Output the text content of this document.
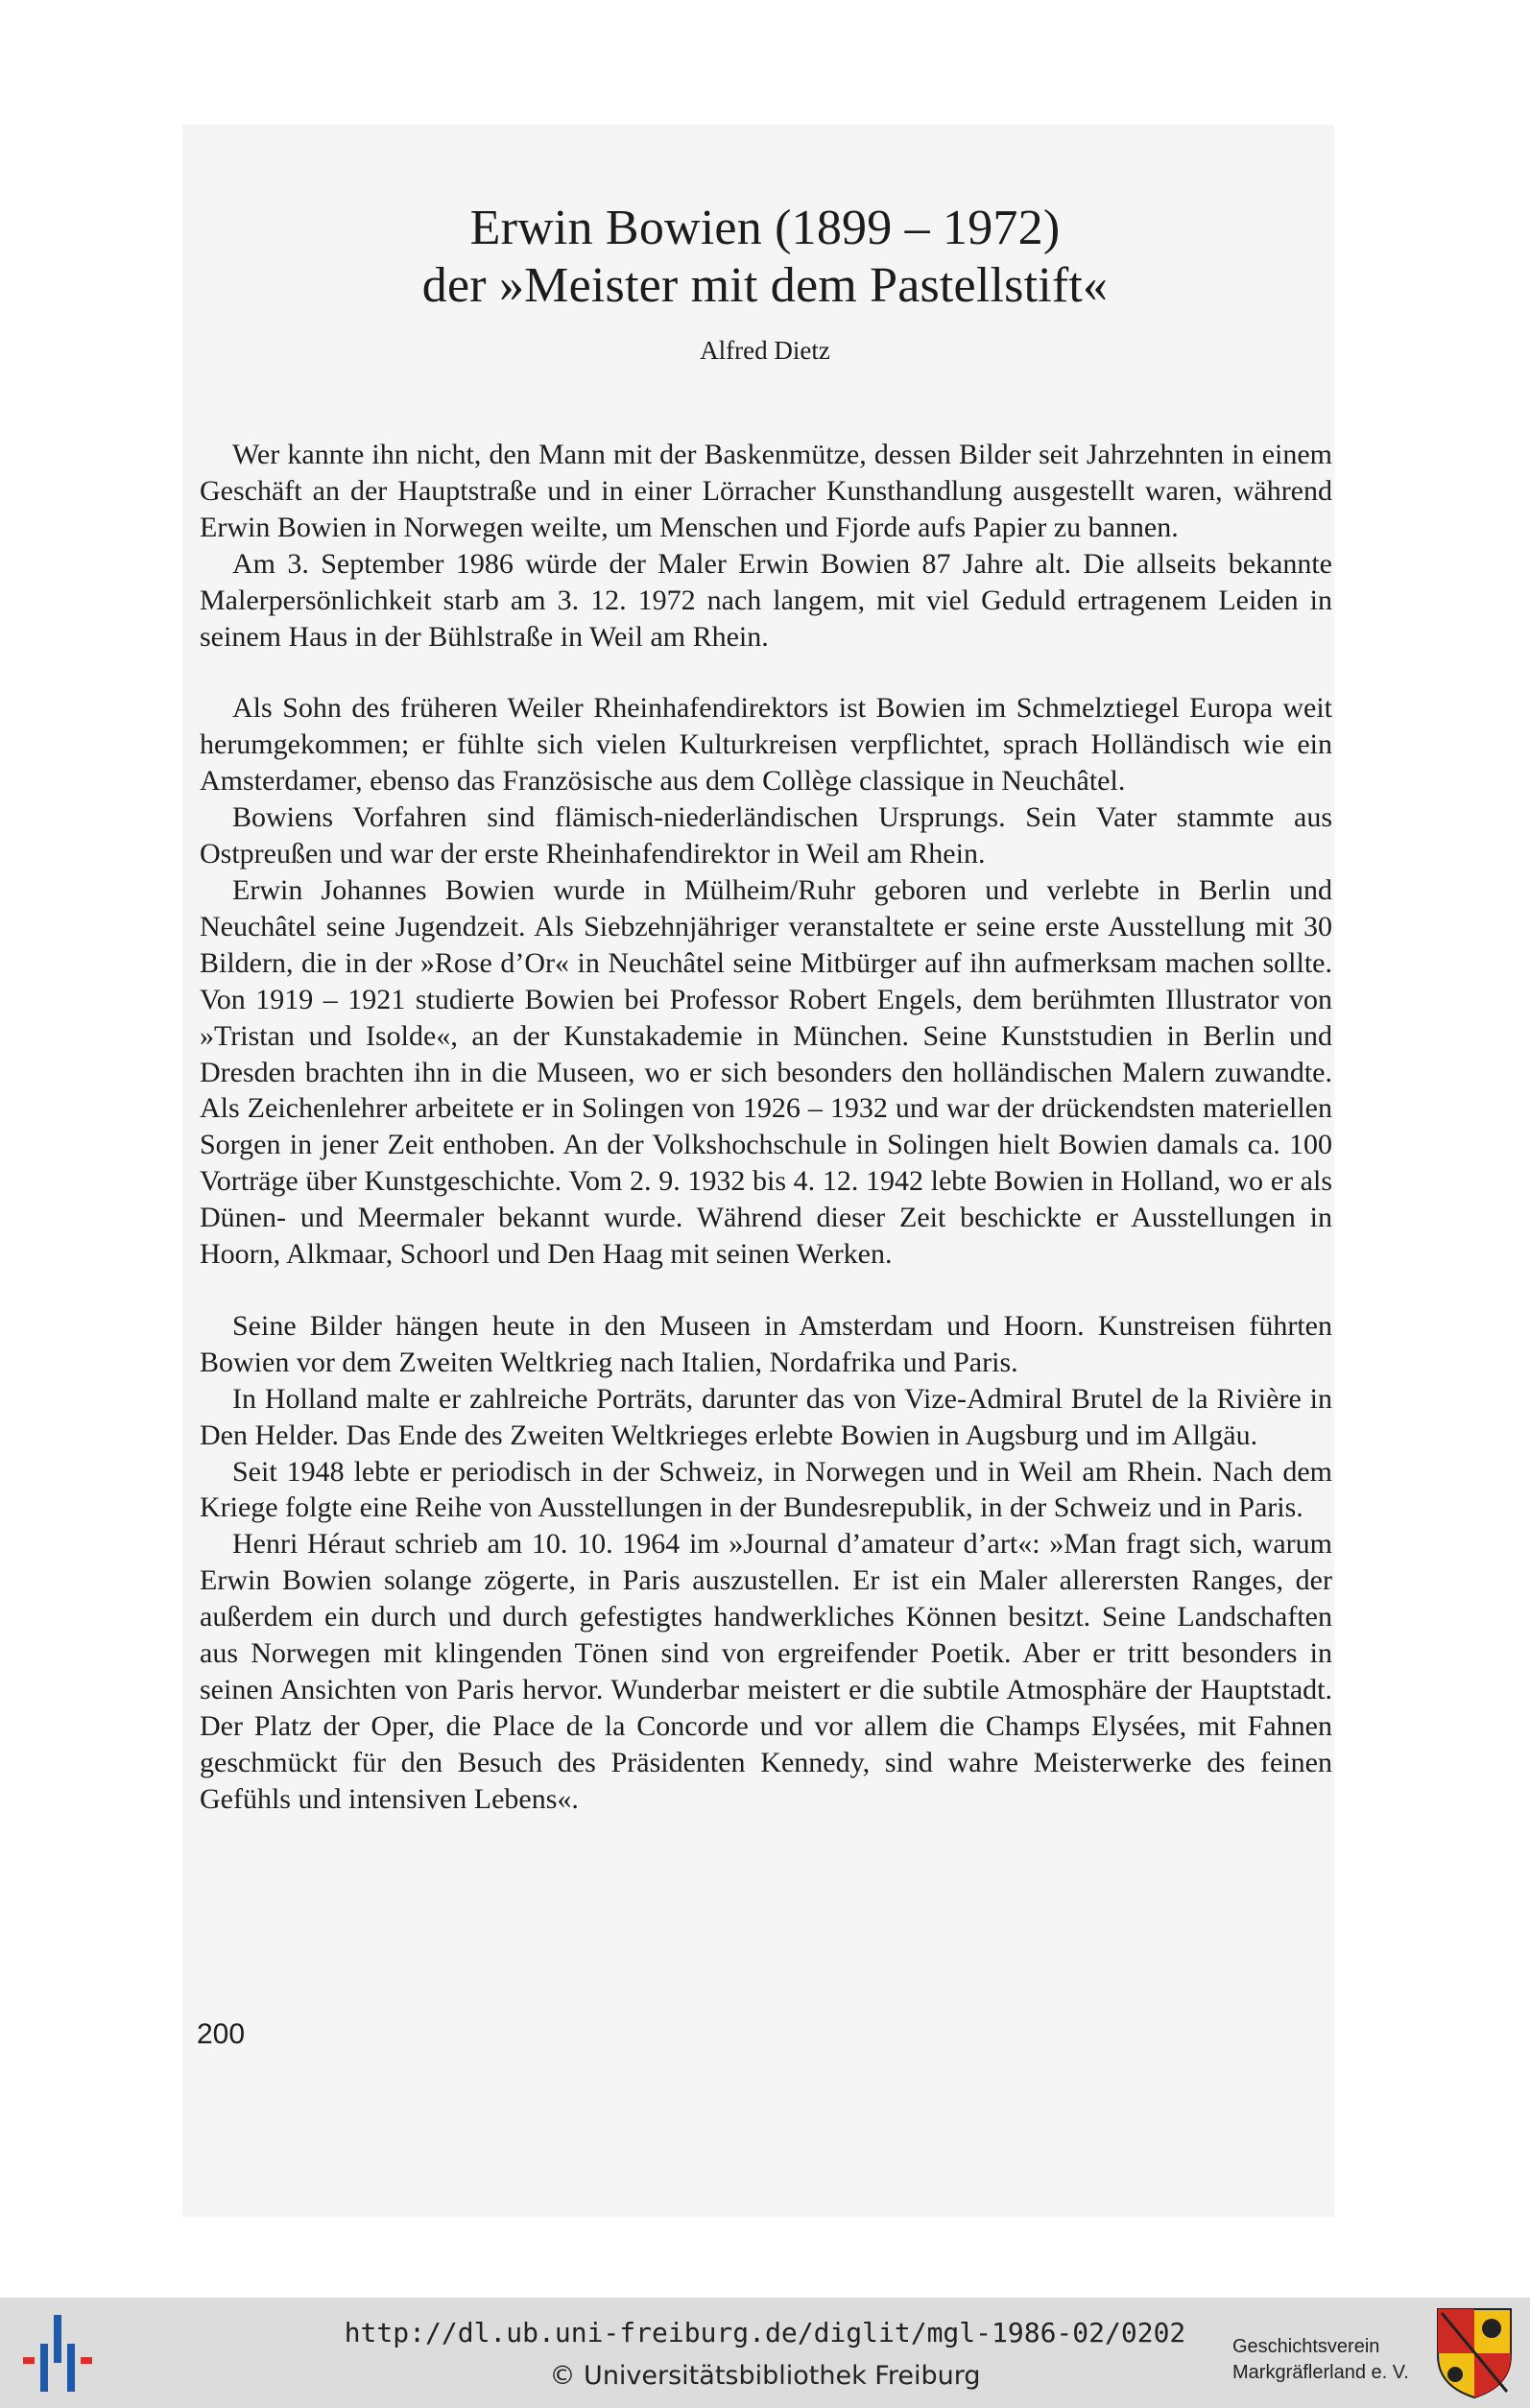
Erwin Bowien (1899 – 1972)
der »Meister mit dem Pastellstift«
Alfred Dietz

Wer kannte ihn nicht, den Mann mit der Baskenmütze, dessen Bilder seit Jahrzehnten in einem Geschäft an der Hauptstraße und in einer Lörracher Kunsthandlung ausgestellt waren, während Erwin Bowien in Norwegen weilte, um Menschen und Fjorde aufs Papier zu bannen.

Am 3. September 1986 würde der Maler Erwin Bowien 87 Jahre alt. Die allseits bekannte Malerpersönlichkeit starb am 3. 12. 1972 nach langem, mit viel Geduld ertragenem Leiden in seinem Haus in der Bühlstraße in Weil am Rhein.

Als Sohn des früheren Weiler Rheinhafendirektors ist Bowien im Schmelztiegel Europa weit herumgekommen; er fühlte sich vielen Kulturkreisen verpflichtet, sprach Holländisch wie ein Amsterdamer, ebenso das Französische aus dem Collège classique in Neuchâtel.

Bowiens Vorfahren sind flämisch-niederländischen Ursprungs. Sein Vater stammte aus Ostpreußen und war der erste Rheinhafendirektor in Weil am Rhein.

Erwin Johannes Bowien wurde in Mülheim/Ruhr geboren und verlebte in Berlin und Neuchâtel seine Jugendzeit. Als Siebzehnjähriger veranstaltete er seine erste Ausstellung mit 30 Bildern, die in der »Rose d’Or« in Neuchâtel seine Mitbürger auf ihn aufmerksam machen sollte. Von 1919 – 1921 studierte Bowien bei Professor Robert Engels, dem berühmten Illustrator von »Tristan und Isolde«, an der Kunstakademie in München. Seine Kunststudien in Berlin und Dresden brachten ihn in die Museen, wo er sich besonders den holländischen Malern zuwandte. Als Zeichenlehrer arbeitete er in Solingen von 1926 – 1932 und war der drückendsten materiellen Sorgen in jener Zeit enthoben. An der Volkshochschule in Solingen hielt Bowien damals ca. 100 Vorträge über Kunstgeschichte. Vom 2. 9. 1932 bis 4. 12. 1942 lebte Bowien in Holland, wo er als Dünen- und Meermaler bekannt wurde. Während dieser Zeit beschickte er Ausstellungen in Hoorn, Alkmaar, Schoorl und Den Haag mit seinen Werken.

Seine Bilder hängen heute in den Museen in Amsterdam und Hoorn. Kunstreisen führten Bowien vor dem Zweiten Weltkrieg nach Italien, Nordafrika und Paris.

In Holland malte er zahlreiche Porträts, darunter das von Vize-Admiral Brutel de la Rivière in Den Helder. Das Ende des Zweiten Weltkrieges erlebte Bowien in Augsburg und im Allgäu.

Seit 1948 lebte er periodisch in der Schweiz, in Norwegen und in Weil am Rhein. Nach dem Kriege folgte eine Reihe von Ausstellungen in der Bundesrepublik, in der Schweiz und in Paris.

Henri Héraut schrieb am 10. 10. 1964 im »Journal d’amateur d’art«: »Man fragt sich, warum Erwin Bowien solange zögerte, in Paris auszustellen. Er ist ein Maler allerersten Ranges, der außerdem ein durch und durch gefestigtes handwerkliches Können besitzt. Seine Landschaften aus Norwegen mit klingenden Tönen sind von ergreifender Poetik. Aber er tritt besonders in seinen Ansichten von Paris hervor. Wunderbar meistert er die subtile Atmosphäre der Hauptstadt. Der Platz der Oper, die Place de la Concorde und vor allem die Champs Elysées, mit Fahnen geschmückt für den Besuch des Präsidenten Kennedy, sind wahre Meisterwerke des feinen Gefühls und intensiven Lebens«.

200
http://dl.ub.uni-freiburg.de/diglit/mgl-1986-02/0202
© Universitätsbibliothek Freiburg
Geschichtsverein
Markgräflerland e. V.
